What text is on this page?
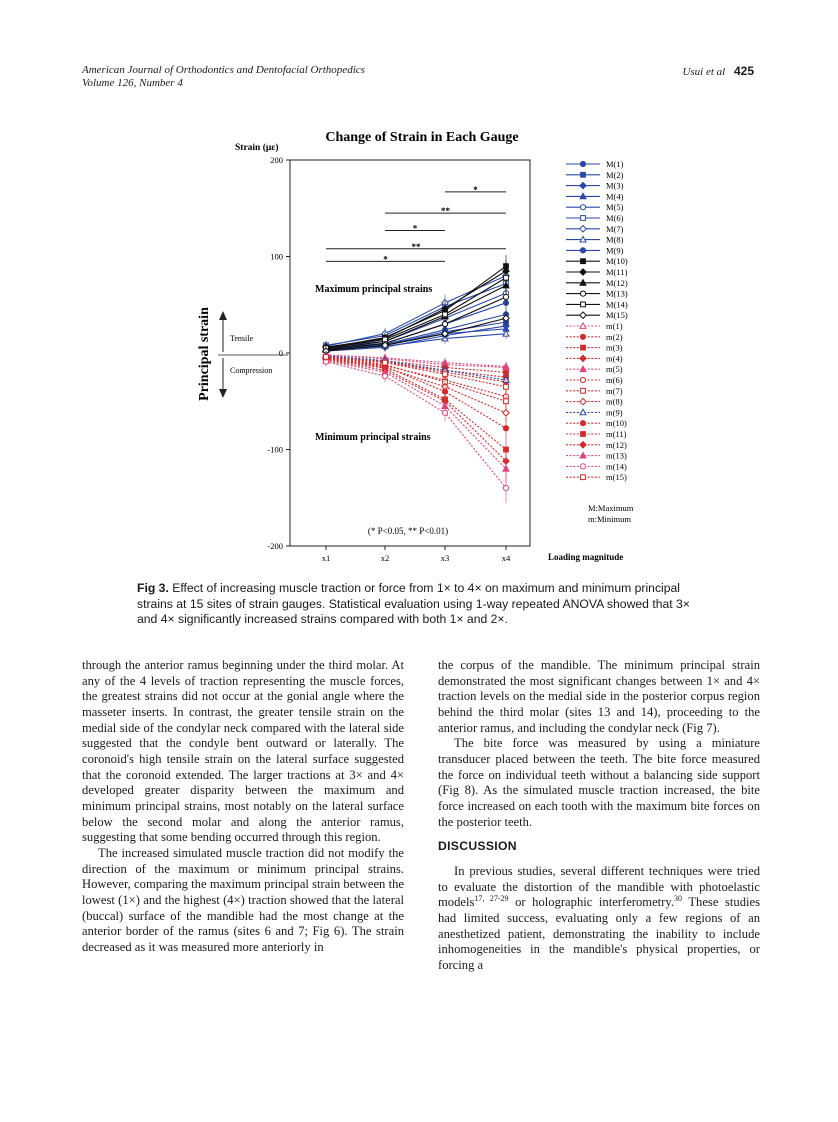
American Journal of Orthodontics and Dentofacial Orthopedics
Volume 126, Number 4
Usui et al 425
Change of Strain in Each Gauge
Strain (με)
Principal strain
200
100
0
-100
-200
x1	x2	x3	x4
*
**
*
**
*
Tensile
Compression
Maximum principal strains
Minimum principal strains
(* P<0.05, ** P<0.01)
M(1)
M(2)
M(3)
M(4)
M(5)
M(6)
M(7)
M(8)
M(9)
M(10)
M(11)
M(12)
M(13)
M(14)
M(15)
m(1)
m(2)
m(3)
m(4)
m(5)
m(6)
m(7)
m(8)
m(9)
m(10)
m(11)
m(12)
m(13)
m(14)
m(15)
M:Maximum
m:Minimum
Loading magnitude
Fig 3. Effect of increasing muscle traction or force from 1× to 4× on maximum and minimum principal strains at 15 sites of strain gauges. Statistical evaluation using 1-way repeated ANOVA showed that 3× and 4× significantly increased strains compared with both 1× and 2×.

through the anterior ramus beginning under the third molar. At any of the 4 levels of traction representing the muscle forces, the greatest strains did not occur at the gonial angle where the masseter inserts. In contrast, the greater tensile strain on the medial side of the condylar neck compared with the lateral side suggested that the condyle bent outward or laterally. The coronoid's high tensile strain on the lateral surface suggested that the coronoid extended. The larger tractions at 3× and 4× developed greater disparity between the maximum and minimum principal strains, most notably on the lateral surface below the second molar and along the anterior ramus, suggesting that some bending occurred through this region.

The increased simulated muscle traction did not modify the direction of the maximum or minimum principal strains. However, comparing the maximum principal strain between the lowest (1×) and the highest (4×) traction showed that the lateral (buccal) surface of the mandible had the most change at the anterior border of the ramus (sites 6 and 7; Fig 6). The strain decreased as it was measured more anteriorly in

the corpus of the mandible. The minimum principal strain demonstrated the most significant changes between 1× and 4× traction levels on the medial side in the posterior corpus region behind the third molar (sites 13 and 14), proceeding to the anterior ramus, and including the condylar neck (Fig 7).

The bite force was measured by using a miniature transducer placed between the teeth. The bite force measured the force on individual teeth without a balancing side support (Fig 8). As the simulated muscle traction increased, the bite force increased on each tooth with the maximum bite forces on the posterior teeth.

DISCUSSION

In previous studies, several different techniques were tried to evaluate the distortion of the mandible with photoelastic models$^{17, 27-29}$ or holographic interferometry.$^{30}$ These studies had limited success, evaluating only a few regions of an anesthetized patient, demonstrating the inability to include inhomogeneities in the mandible's physical properties, or forcing a
